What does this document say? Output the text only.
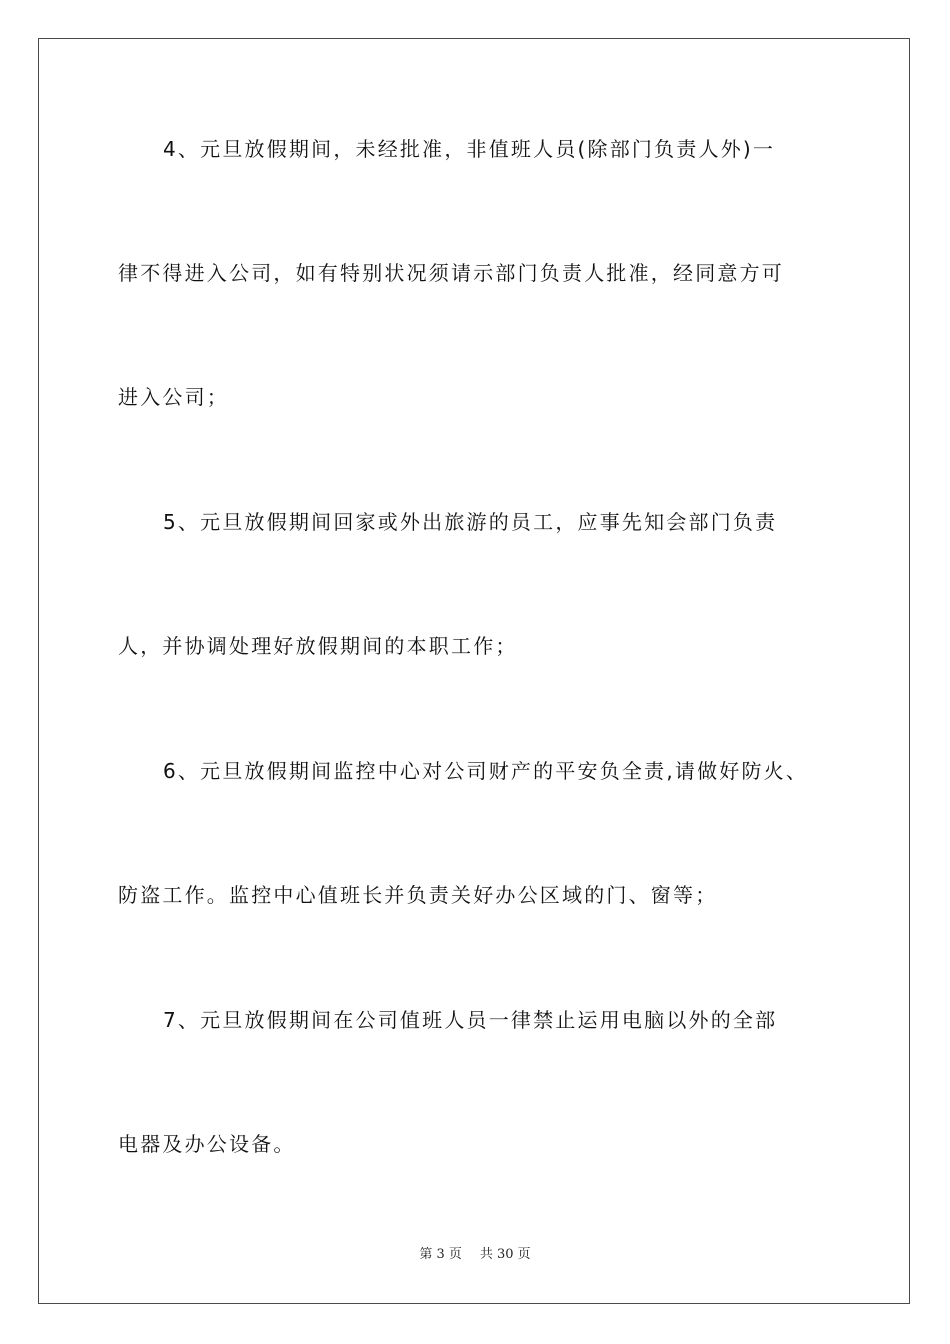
4、元旦放假期间，未经批准，非值班人员(除部门负责人外)一
律不得进入公司，如有特别状况须请示部门负责人批准，经同意方可
进入公司；
5、元旦放假期间回家或外出旅游的员工，应事先知会部门负责
人，并协调处理好放假期间的本职工作；
6、元旦放假期间监控中心对公司财产的平安负全责,请做好防火、
防盗工作。监控中心值班长并负责关好办公区域的门、窗等；
7、元旦放假期间在公司值班人员一律禁止运用电脑以外的全部
电器及办公设备。
第 3 页 共 30 页
